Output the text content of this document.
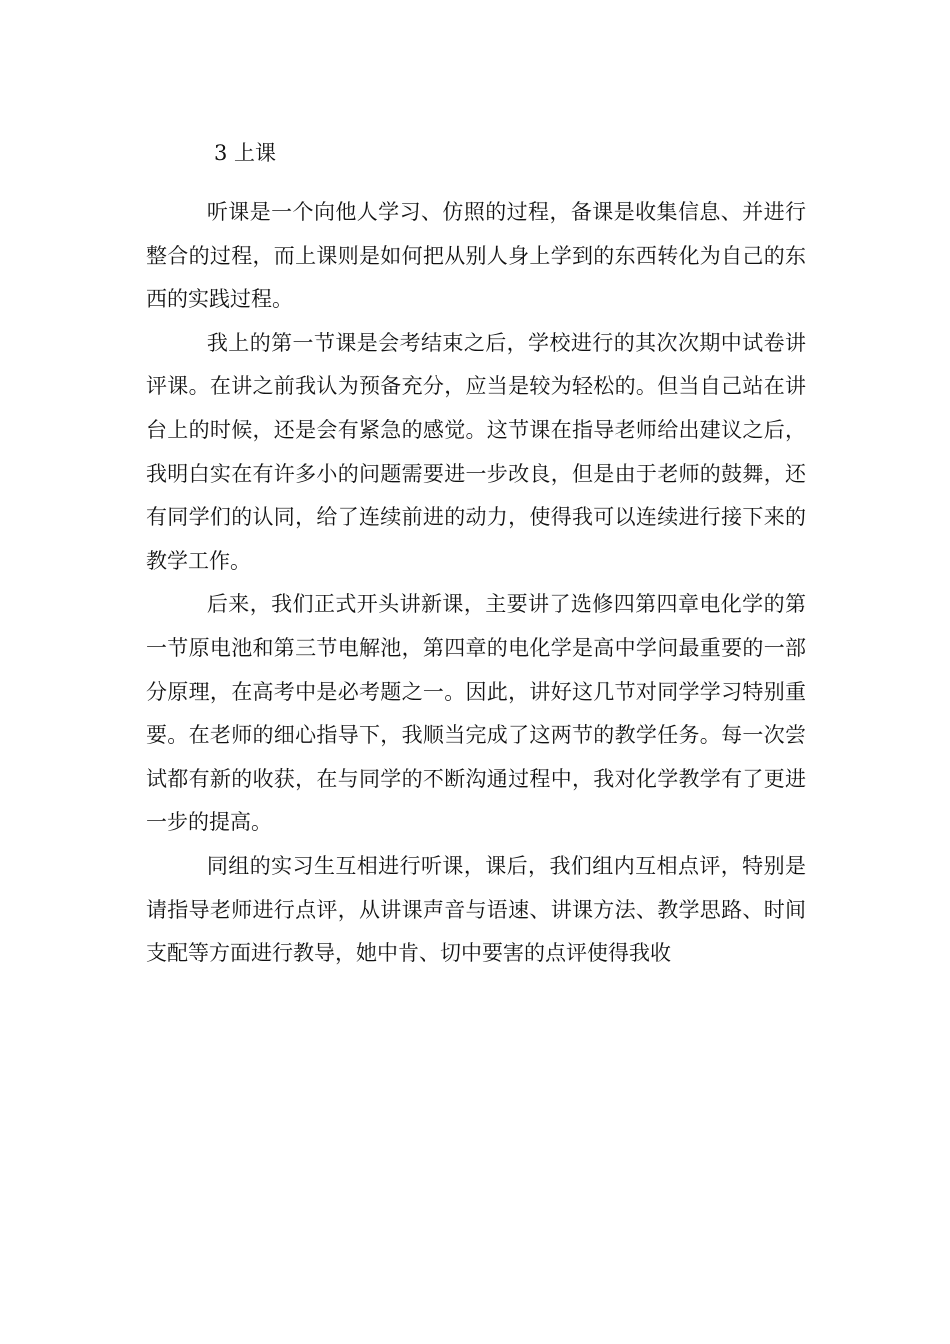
3 上课

听课是一个向他人学习、仿照的过程，备课是收集信息、并进行整合的过程，而上课则是如何把从别人身上学到的东西转化为自己的东西的实践过程。

我上的第一节课是会考结束之后，学校进行的其次次期中试卷讲评课。在讲之前我认为预备充分，应当是较为轻松的。但当自己站在讲台上的时候，还是会有紧急的感觉。这节课在指导老师给出建议之后，我明白实在有许多小的问题需要进一步改良，但是由于老师的鼓舞，还有同学们的认同，给了连续前进的动力，使得我可以连续进行接下来的教学工作。

后来，我们正式开头讲新课，主要讲了选修四第四章电化学的第一节原电池和第三节电解池，第四章的电化学是高中学问最重要的一部分原理，在高考中是必考题之一。因此，讲好这几节对同学学习特别重要。在老师的细心指导下，我顺当完成了这两节的教学任务。每一次尝试都有新的收获，在与同学的不断沟通过程中，我对化学教学有了更进一步的提高。

同组的实习生互相进行听课，课后，我们组内互相点评，特别是请指导老师进行点评，从讲课声音与语速、讲课方法、教学思路、时间支配等方面进行教导，她中肯、切中要害的点评使得我收
